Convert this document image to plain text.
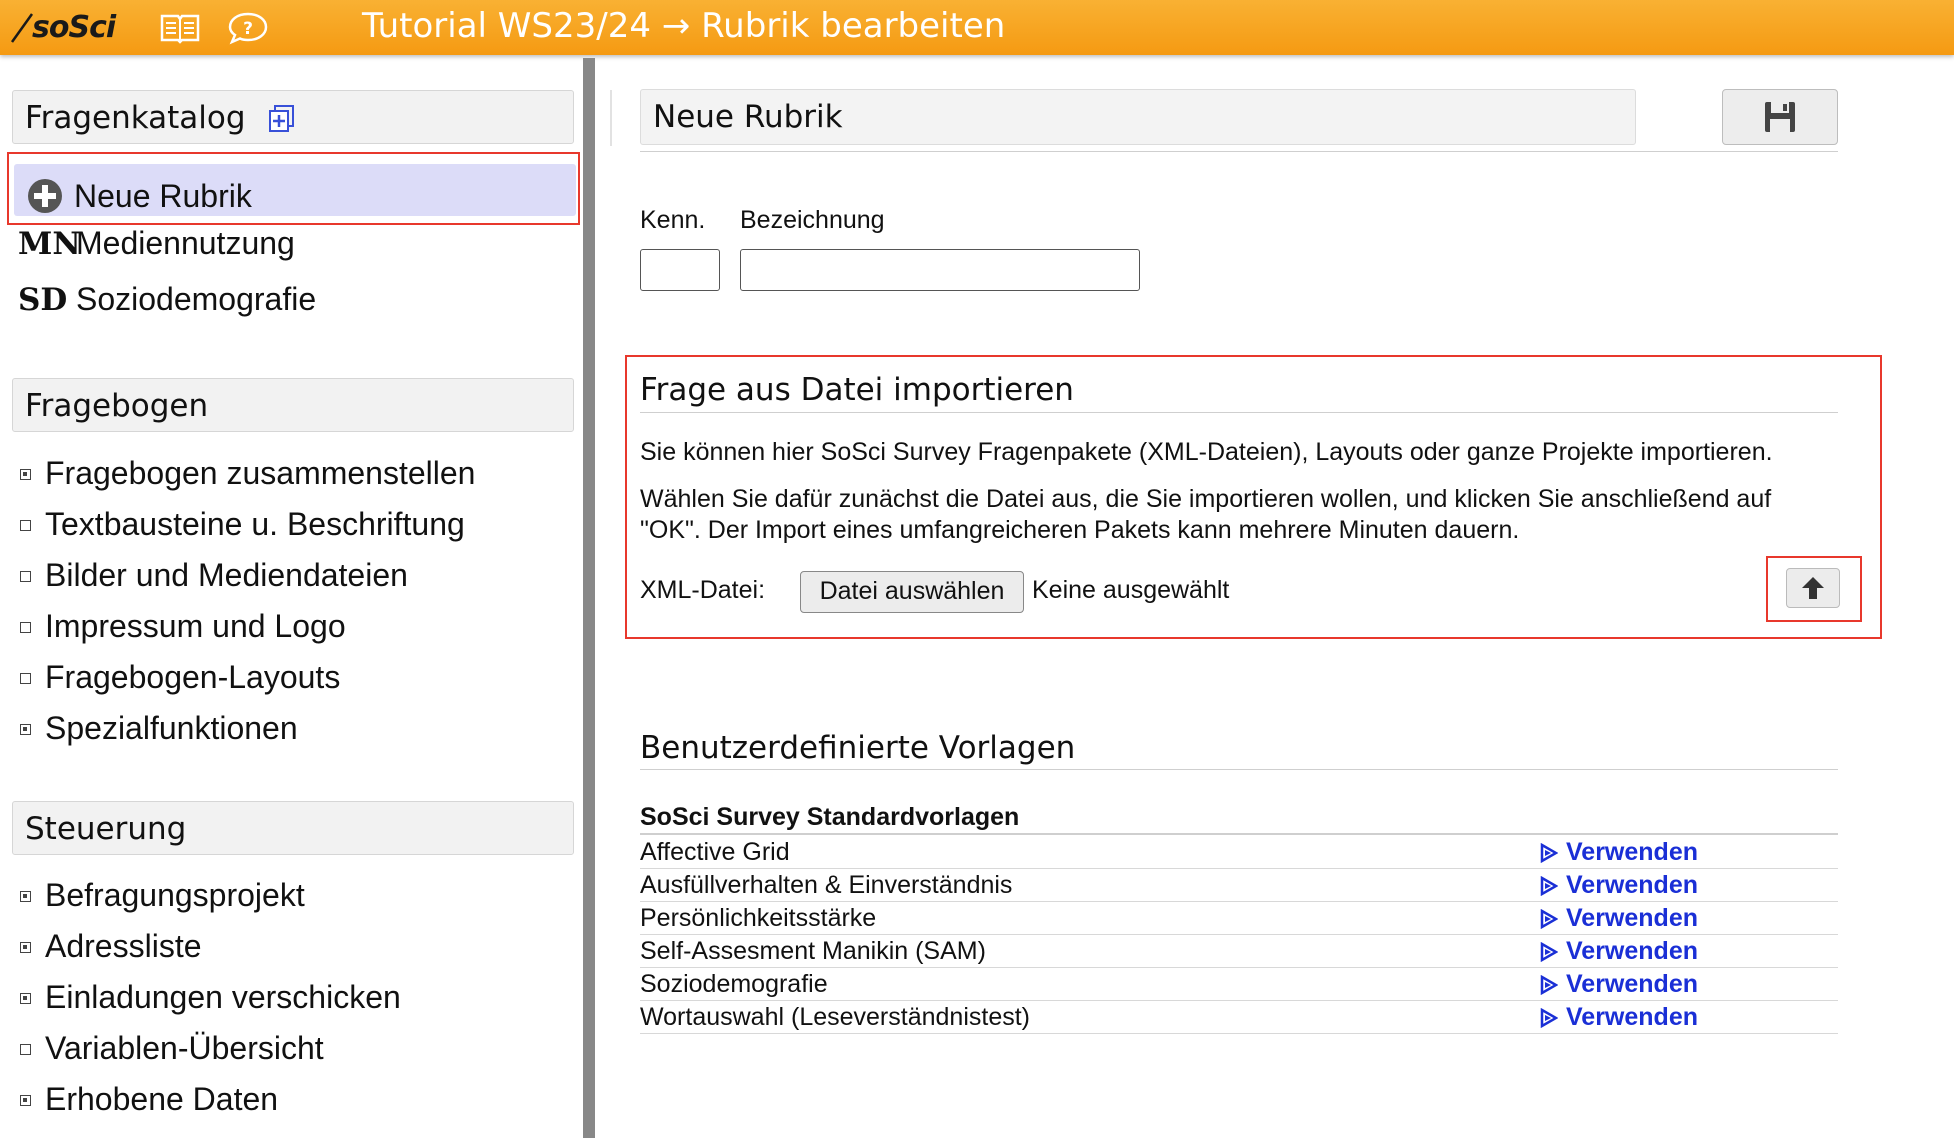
soSci	?	Tutorial WS23/24 → Rubrik bearbeiten
Fragenkatalog
Neue Rubrik
MNMediennutzung
SD Soziodemografie
Fragebogen
Fragebogen zusammenstellen
Textbausteine u. Beschriftung
Bilder und Mediendateien
Impressum und Logo
Fragebogen-Layouts
Spezialfunktionen
Steuerung
Befragungsprojekt
Adressliste
Einladungen verschicken
Variablen-Übersicht
Erhobene Daten
Neue Rubrik
Kenn. Bezeichnung
Frage aus Datei importieren
Sie können hier SoSci Survey Fragenpakete (XML-Dateien), Layouts oder ganze Projekte importieren.
Wählen Sie dafür zunächst die Datei aus, die Sie importieren wollen, und klicken Sie anschließend auf
"OK". Der Import eines umfangreicheren Pakets kann mehrere Minuten dauern.
XML-Datei:	Datei auswählen	Keine ausgewählt
Benutzerdefinierte Vorlagen
SoSci Survey Standardvorlagen
Affective Grid	Verwenden
Ausfüllverhalten & Einverständnis	Verwenden
Persönlichkeitsstärke	Verwenden
Self-Assesment Manikin (SAM)	Verwenden
Soziodemografie	Verwenden
Wortauswahl (Leseverständnistest)	Verwenden
